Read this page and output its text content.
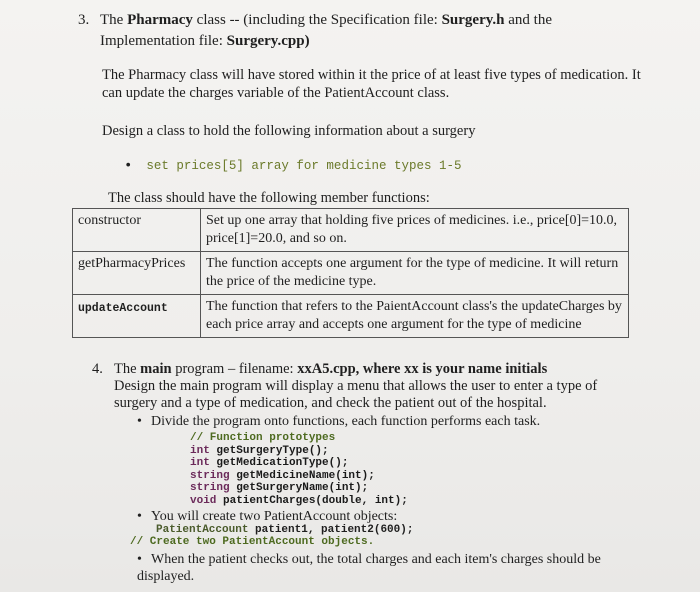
3. The Pharmacy class -- (including the Specification file: Surgery.h and the
Implementation file: Surgery.cpp)
The Pharmacy class will have stored within it the price of at least five types of medication. It can update the charges variable of the PatientAccount class.
Design a class to hold the following information about a surgery
• set prices[5] array for medicine types 1-5
The class should have the following member functions:
constructor	Set up one array that holding five prices of medicines. i.e., price[0]=10.0, price[1]=20.0, and so on.
getPharmacyPrices	The function accepts one argument for the type of medicine. It will return the price of the medicine type.
updateAccount	The function that refers to the PaientAccount class's the updateCharges by each price array and accepts one argument for the type of medicine
4. The main program – filename: xxA5.cpp, where xx is your name initials
Design the main program will display a menu that allows the user to enter a type of surgery and a type of medication, and check the patient out of the hospital.
• Divide the program onto functions, each function performs each task.
// Function prototypes
int getSurgeryType();
int getMedicationType();
string getMedicineName(int);
string getSurgeryName(int);
void patientCharges(double, int);
• You will create two PatientAccount objects:
PatientAccount patient1, patient2(600);
// Create two PatientAccount objects.
• When the patient checks out, the total charges and each item's charges should be displayed.
